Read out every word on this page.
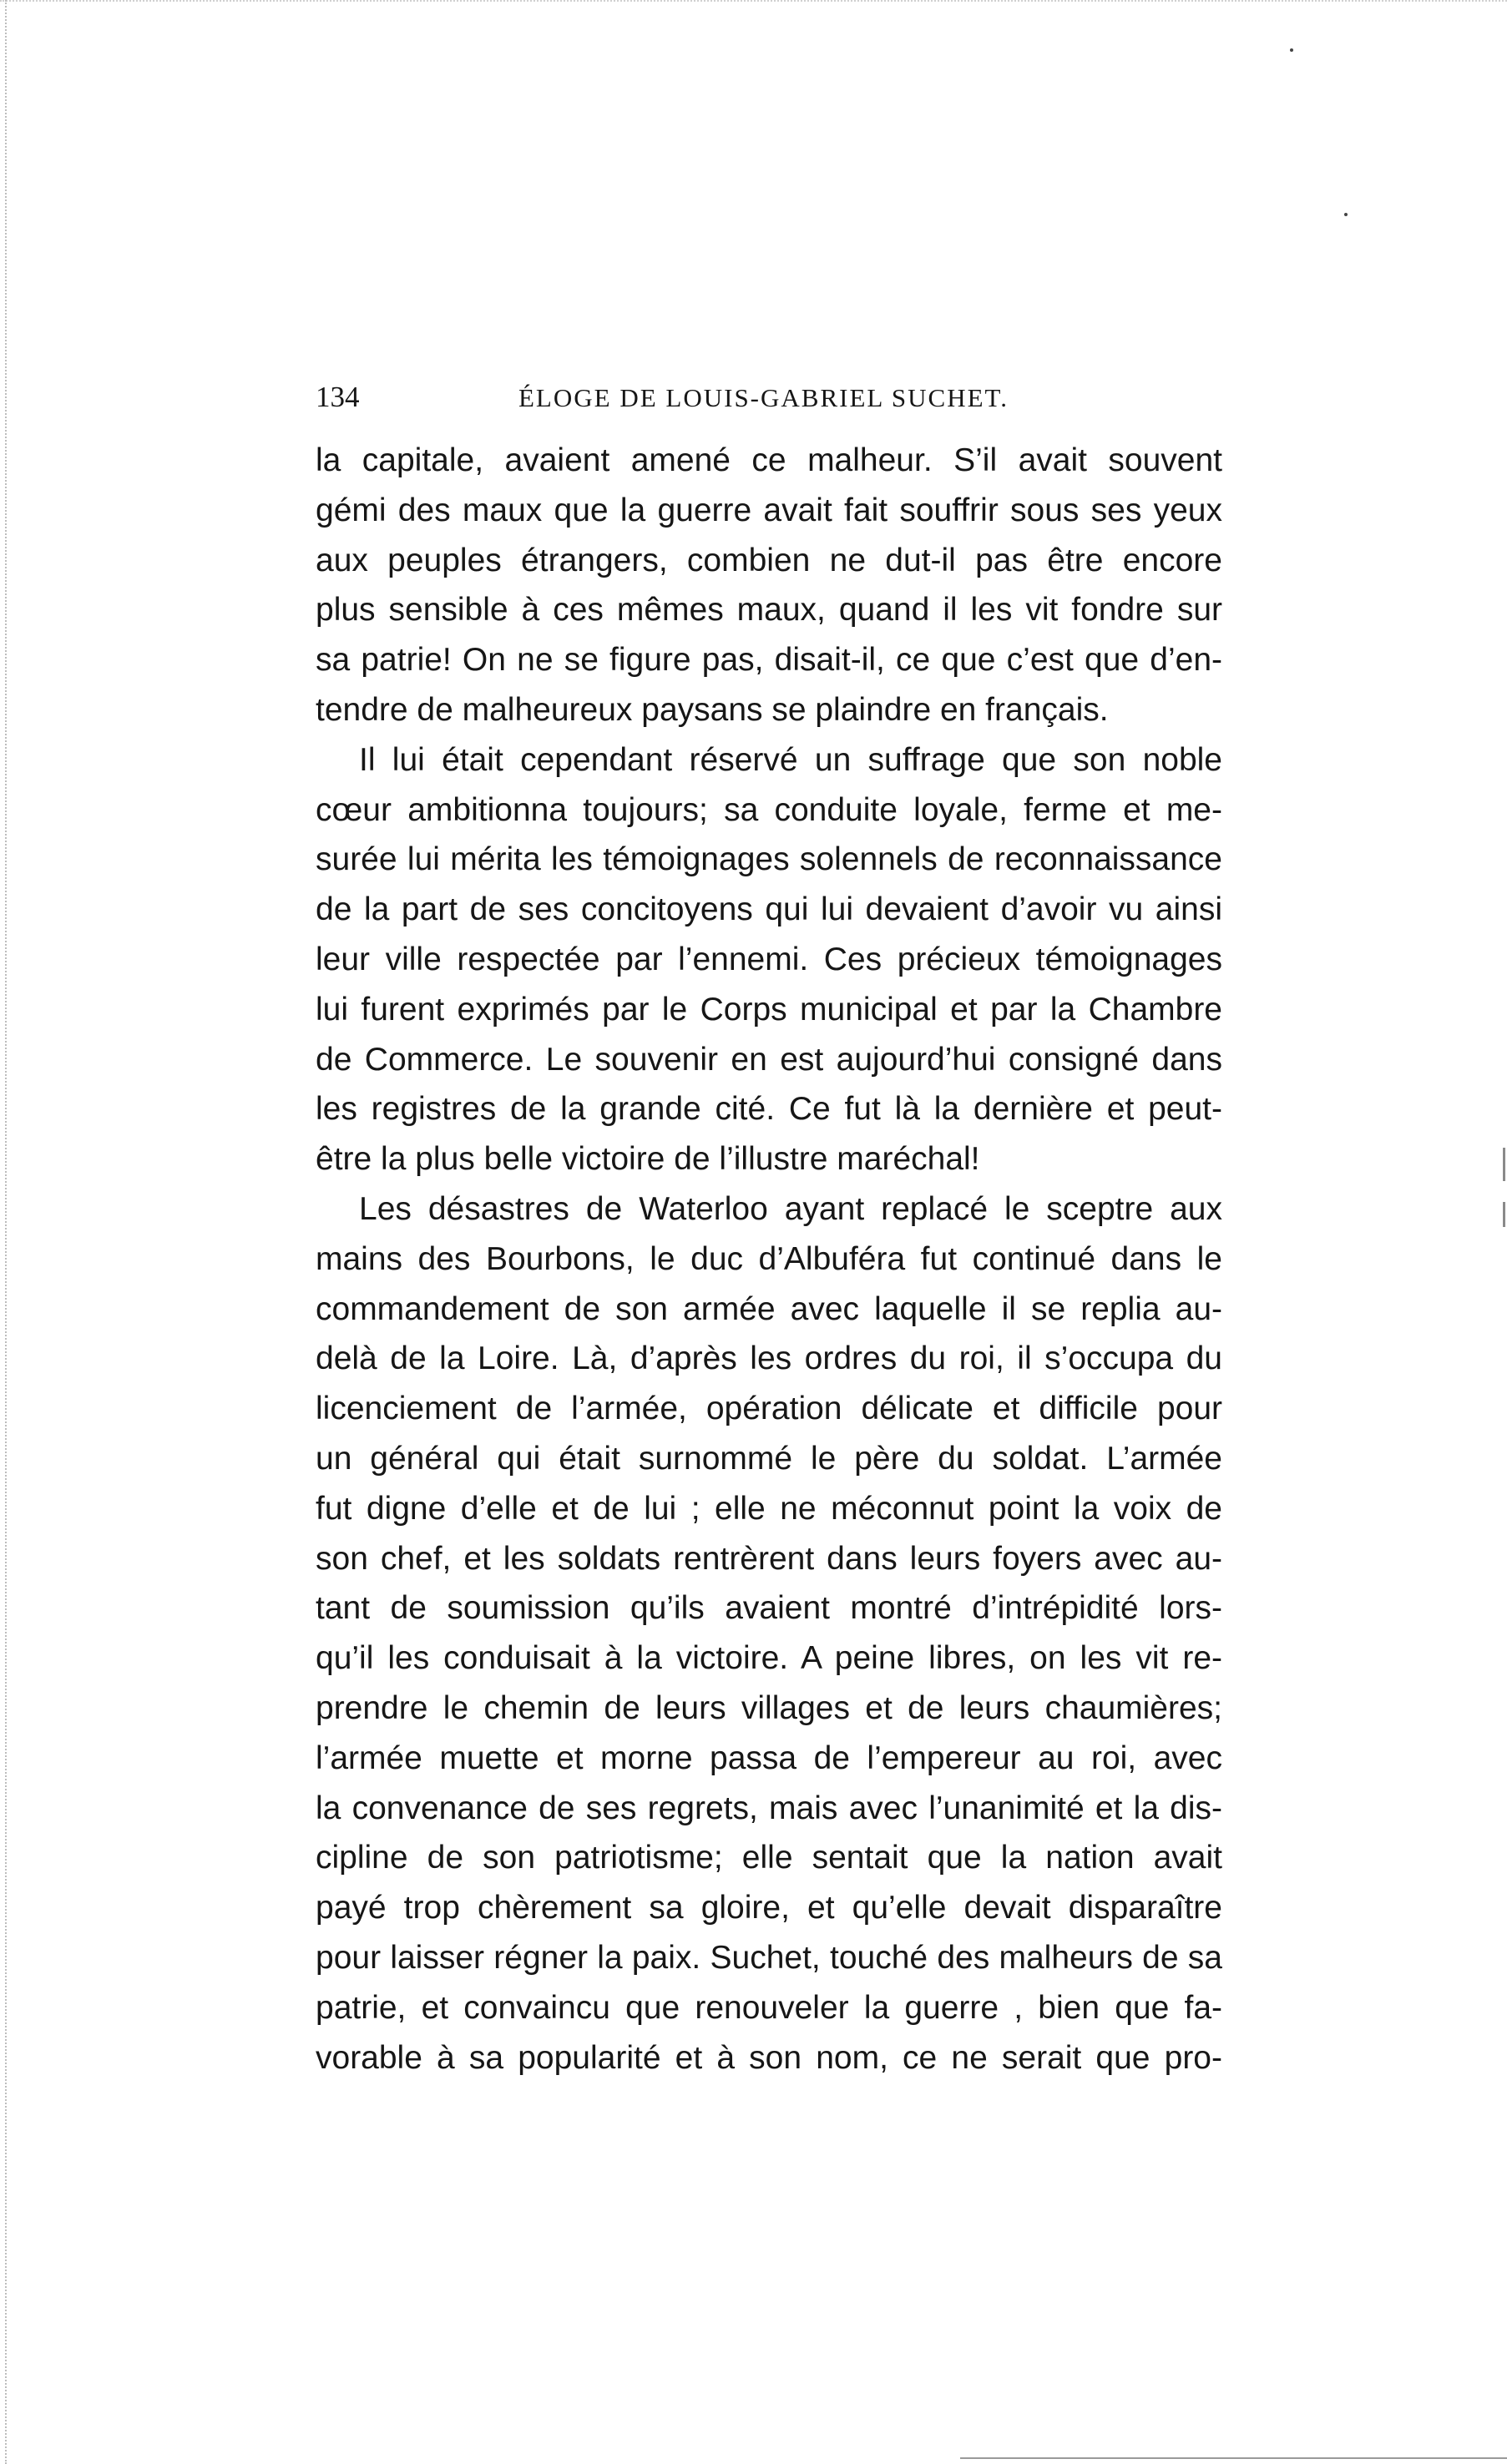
134	ÉLOGE DE LOUIS-GABRIEL SUCHET.
la capitale, avaient amené ce malheur. S’il avait souvent
gémi des maux que la guerre avait fait souffrir sous ses yeux
aux peuples étrangers, combien ne dut-il pas être encore
plus sensible à ces mêmes maux, quand il les vit fondre sur
sa patrie! On ne se figure pas, disait-il, ce que c’est que d’en-
tendre de malheureux paysans se plaindre en français.
Il lui était cependant réservé un suffrage que son noble
cœur ambitionna toujours; sa conduite loyale, ferme et me-
surée lui mérita les témoignages solennels de reconnaissance
de la part de ses concitoyens qui lui devaient d’avoir vu ainsi
leur ville respectée par l’ennemi. Ces précieux témoignages
lui furent exprimés par le Corps municipal et par la Chambre
de Commerce. Le souvenir en est aujourd’hui consigné dans
les registres de la grande cité. Ce fut là la dernière et peut-
être la plus belle victoire de l’illustre maréchal!
Les désastres de Waterloo ayant replacé le sceptre aux
mains des Bourbons, le duc d’Albuféra fut continué dans le
commandement de son armée avec laquelle il se replia au-
delà de la Loire. Là, d’après les ordres du roi, il s’occupa du
licenciement de l’armée, opération délicate et difficile pour
un général qui était surnommé le père du soldat. L’armée
fut digne d’elle et de lui ; elle ne méconnut point la voix de
son chef, et les soldats rentrèrent dans leurs foyers avec au-
tant de soumission qu’ils avaient montré d’intrépidité lors-
qu’il les conduisait à la victoire. A peine libres, on les vit re-
prendre le chemin de leurs villages et de leurs chaumières;
l’armée muette et morne passa de l’empereur au roi, avec
la convenance de ses regrets, mais avec l’unanimité et la dis-
cipline de son patriotisme; elle sentait que la nation avait
payé trop chèrement sa gloire, et qu’elle devait disparaître
pour laisser régner la paix. Suchet, touché des malheurs de sa
patrie, et convaincu que renouveler la guerre , bien que fa-
vorable à sa popularité et à son nom, ce ne serait que pro-
